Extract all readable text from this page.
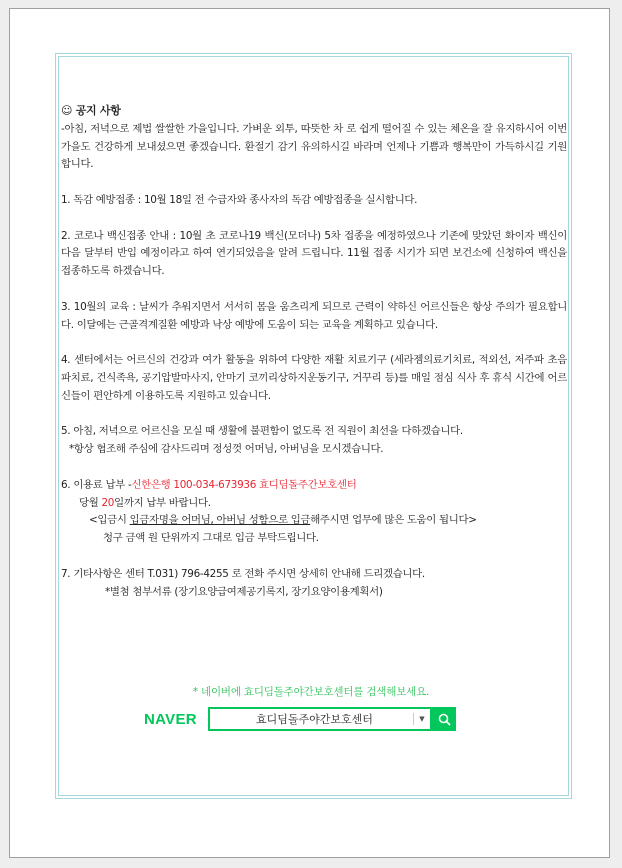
☺ 공지 사항

-아침, 저녁으로 제법 쌀쌀한 가을입니다. 가벼운 외투, 따뜻한 차 로 쉽게 떨어질 수 있는 체온을 잘 유지하시어 이번 가을도 건강하게 보내셨으면 좋겠습니다. 환절기 감기 유의하시길 바라며 언제나 기쁨과 행복만이 가득하시길 기원합니다.

1. 독감 예방접종 : 10월 18일 전 수급자와 종사자의 독감 예방접종을 실시합니다.

2. 코로나 백신접종 안내 : 10월 초 코로나19 백신(모더나) 5차 접종을 예정하였으나 기존에 맞았던 화이자 백신이 다음 달부터 반입 예정이라고 하여 연기되었음을 알려 드립니다. 11월 접종 시기가 되면 보건소에 신청하여 백신을 접종하도록 하겠습니다.

3. 10월의 교육 : 날씨가 추워지면서 서서히 몸을 움츠리게 되므로 근력이 약하신 어르신들은 항상 주의가 필요합니다. 이달에는 근골격계질환 예방과 낙상 예방에 도움이 되는 교육을 계획하고 있습니다.

4. 센터에서는 어르신의 건강과 여가 활동을 위하여 다양한 재활 치료기구 (세라젬의료기치료, 적외선, 저주파 초음파치료, 건식족욕, 공기압발마사지, 안마기 코끼리상하지운동기구, 거꾸리 등)를 매일 점심 식사 후 휴식 시간에 어르신들이 편안하게 이용하도록 지원하고 있습니다.

5. 아침, 저녁으로 어르신을 모실 때 생활에 불편함이 없도록 전 직원이 최선을 다하겠습니다.

*항상 협조해 주심에 감사드리며 정성껏 어머님, 아버님을 모시겠습니다.

6. 이용료 납부 -신한은행 100-034-673936 효디딤돌주간보호센터

당월 20일까지 납부 바랍니다.

<입금시 입금자명을 어머님, 아버님 성함으로 입금해주시면 업무에 많은 도움이 됩니다>

청구 금액 원 단위까지 그대로 입금 부탁드립니다.

7. 기타사항은 센터 T.031) 796-4255 로 전화 주시면 상세히 안내해 드리겠습니다.

*별첨 첨부서류 (장기요양급여제공기록지, 장기요양이용계획서)

* 네이버에 효디딤돌주야간보호센터를 검색해보세요.
NAVER	효디딤돌주야간보호센터	▼
